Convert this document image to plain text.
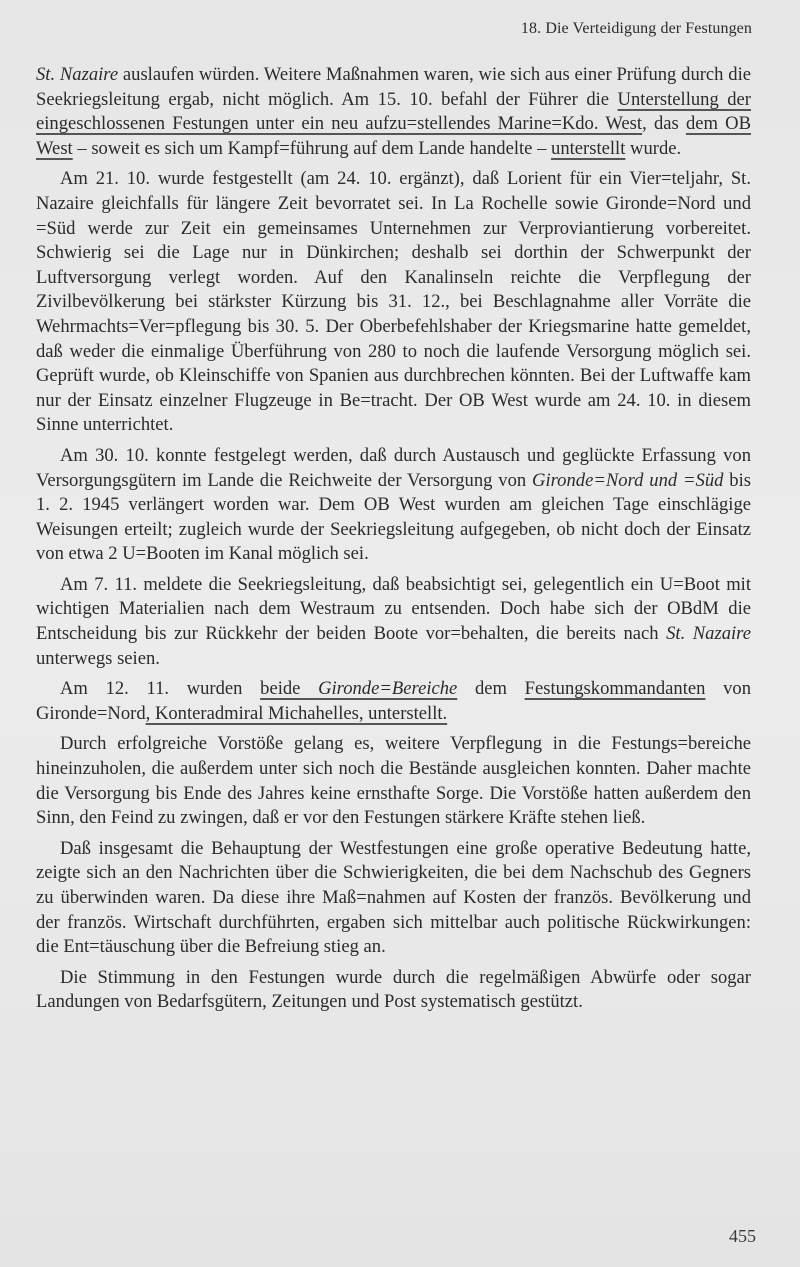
18. Die Verteidigung der Festungen

St. Nazaire auslaufen würden. Weitere Maßnahmen waren, wie sich aus einer Prüfung durch die Seekriegsleitung ergab, nicht möglich. Am 15. 10. befahl der Führer die Unterstellung der eingeschlossenen Festungen unter ein neu aufzu=stellendes Marine=Kdo. West, das dem OB West – soweit es sich um Kampf=führung auf dem Lande handelte – unterstellt wurde.

Am 21. 10. wurde festgestellt (am 24. 10. ergänzt), daß Lorient für ein Vier=teljahr, St. Nazaire gleichfalls für längere Zeit bevorratet sei. In La Rochelle sowie Gironde=Nord und =Süd werde zur Zeit ein gemeinsames Unternehmen zur Verproviantierung vorbereitet. Schwierig sei die Lage nur in Dünkirchen; deshalb sei dorthin der Schwerpunkt der Luftversorgung verlegt worden. Auf den Kanalinseln reichte die Verpflegung der Zivilbevölkerung bei stärkster Kürzung bis 31. 12., bei Beschlagnahme aller Vorräte die Wehrmachts=Ver=pflegung bis 30. 5. Der Oberbefehlshaber der Kriegsmarine hatte gemeldet, daß weder die einmalige Überführung von 280 to noch die laufende Versorgung möglich sei. Geprüft wurde, ob Kleinschiffe von Spanien aus durchbrechen könnten. Bei der Luftwaffe kam nur der Einsatz einzelner Flugzeuge in Be=tracht. Der OB West wurde am 24. 10. in diesem Sinne unterrichtet.

Am 30. 10. konnte festgelegt werden, daß durch Austausch und geglückte Erfassung von Versorgungsgütern im Lande die Reichweite der Versorgung von Gironde=Nord und =Süd bis 1. 2. 1945 verlängert worden war. Dem OB West wurden am gleichen Tage einschlägige Weisungen erteilt; zugleich wurde der Seekriegsleitung aufgegeben, ob nicht doch der Einsatz von etwa 2 U=Booten im Kanal möglich sei.

Am 7. 11. meldete die Seekriegsleitung, daß beabsichtigt sei, gelegentlich ein U=Boot mit wichtigen Materialien nach dem Westraum zu entsenden. Doch habe sich der OBdM die Entscheidung bis zur Rückkehr der beiden Boote vor=behalten, die bereits nach St. Nazaire unterwegs seien.

Am 12. 11. wurden beide Gironde=Bereiche dem Festungskommandanten von Gironde=Nord, Konteradmiral Michahelles, unterstellt.

Durch erfolgreiche Vorstöße gelang es, weitere Verpflegung in die Festungs=bereiche hineinzuholen, die außerdem unter sich noch die Bestände ausgleichen konnten. Daher machte die Versorgung bis Ende des Jahres keine ernsthafte Sorge. Die Vorstöße hatten außerdem den Sinn, den Feind zu zwingen, daß er vor den Festungen stärkere Kräfte stehen ließ.

Daß insgesamt die Behauptung der Westfestungen eine große operative Bedeutung hatte, zeigte sich an den Nachrichten über die Schwierigkeiten, die bei dem Nachschub des Gegners zu überwinden waren. Da diese ihre Maß=nahmen auf Kosten der französ. Bevölkerung und der französ. Wirtschaft durchführten, ergaben sich mittelbar auch politische Rückwirkungen: die Ent=täuschung über die Befreiung stieg an.

Die Stimmung in den Festungen wurde durch die regelmäßigen Abwürfe oder sogar Landungen von Bedarfsgütern, Zeitungen und Post systematisch gestützt.

455
